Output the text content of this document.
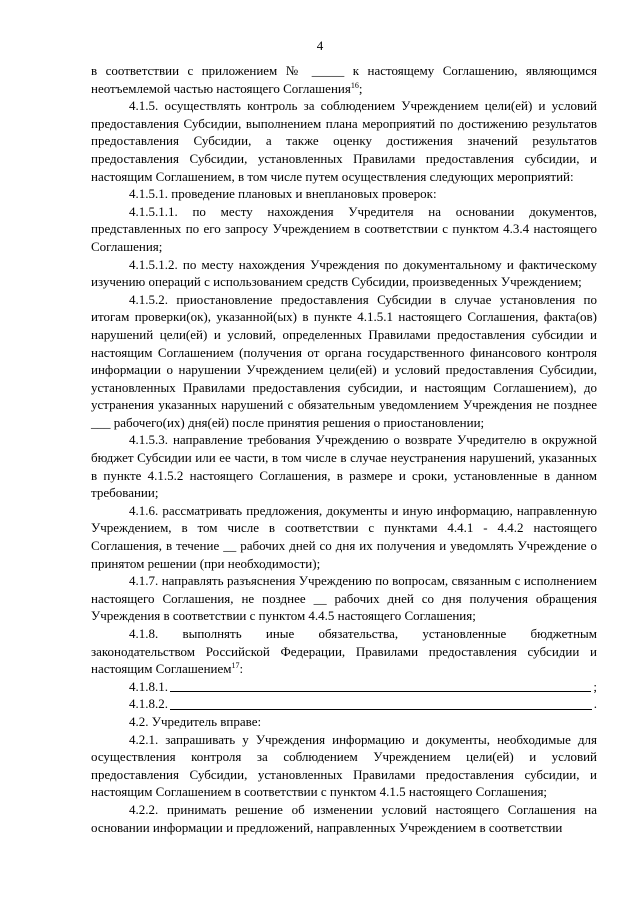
4

в соответствии с приложением № _____ к настоящему Соглашению, являющимся неотъемлемой частью настоящего Соглашения$^{16}$;

4.1.5. осуществлять контроль за соблюдением Учреждением цели(ей) и условий предоставления Субсидии, выполнением плана мероприятий по достижению результатов предоставления Субсидии, а также оценку достижения значений результатов предоставления Субсидии, установленных Правилами предоставления субсидии, и настоящим Соглашением, в том числе путем осуществления следующих мероприятий:

4.1.5.1. проведение плановых и внеплановых проверок:

4.1.5.1.1. по месту нахождения Учредителя на основании документов, представленных по его запросу Учреждением в соответствии с пунктом 4.3.4 настоящего Соглашения;

4.1.5.1.2. по месту нахождения Учреждения по документальному и фактическому изучению операций с использованием средств Субсидии, произведенных Учреждением;

4.1.5.2. приостановление предоставления Субсидии в случае установления по итогам проверки(ок), указанной(ых) в пункте 4.1.5.1 настоящего Соглашения, факта(ов) нарушений цели(ей) и условий, определенных Правилами предоставления субсидии и настоящим Соглашением (получения от органа государственного финансового контроля информации о нарушении Учреждением цели(ей) и условий предоставления Субсидии, установленных Правилами предоставления субсидии, и настоящим Соглашением), до устранения указанных нарушений с обязательным уведомлением Учреждения не позднее ___ рабочего(их) дня(ей) после принятия решения о приостановлении;

4.1.5.3. направление требования Учреждению о возврате Учредителю в окружной бюджет Субсидии или ее части, в том числе в случае неустранения нарушений, указанных в пункте 4.1.5.2 настоящего Соглашения, в размере и сроки, установленные в данном требовании;

4.1.6. рассматривать предложения, документы и иную информацию, направленную Учреждением, в том числе в соответствии с пунктами 4.4.1 - 4.4.2 настоящего Соглашения, в течение __ рабочих дней со дня их получения и уведомлять Учреждение о принятом решении (при необходимости);

4.1.7. направлять разъяснения Учреждению по вопросам, связанным с исполнением настоящего Соглашения, не позднее __ рабочих дней со дня получения обращения Учреждения в соответствии с пунктом 4.4.5 настоящего Соглашения;

4.1.8. выполнять иные обязательства, установленные бюджетным законодательством Российской Федерации, Правилами предоставления субсидии и настоящим Соглашением$^{17}$:

4.1.8.1.	;
4.1.8.2.	.

4.2. Учредитель вправе:

4.2.1. запрашивать у Учреждения информацию и документы, необходимые для осуществления контроля за соблюдением Учреждением цели(ей) и условий предоставления Субсидии, установленных Правилами предоставления субсидии, и настоящим Соглашением в соответствии с пунктом 4.1.5 настоящего Соглашения;

4.2.2. принимать решение об изменении условий настоящего Соглашения на основании информации и предложений, направленных Учреждением в соответствии
